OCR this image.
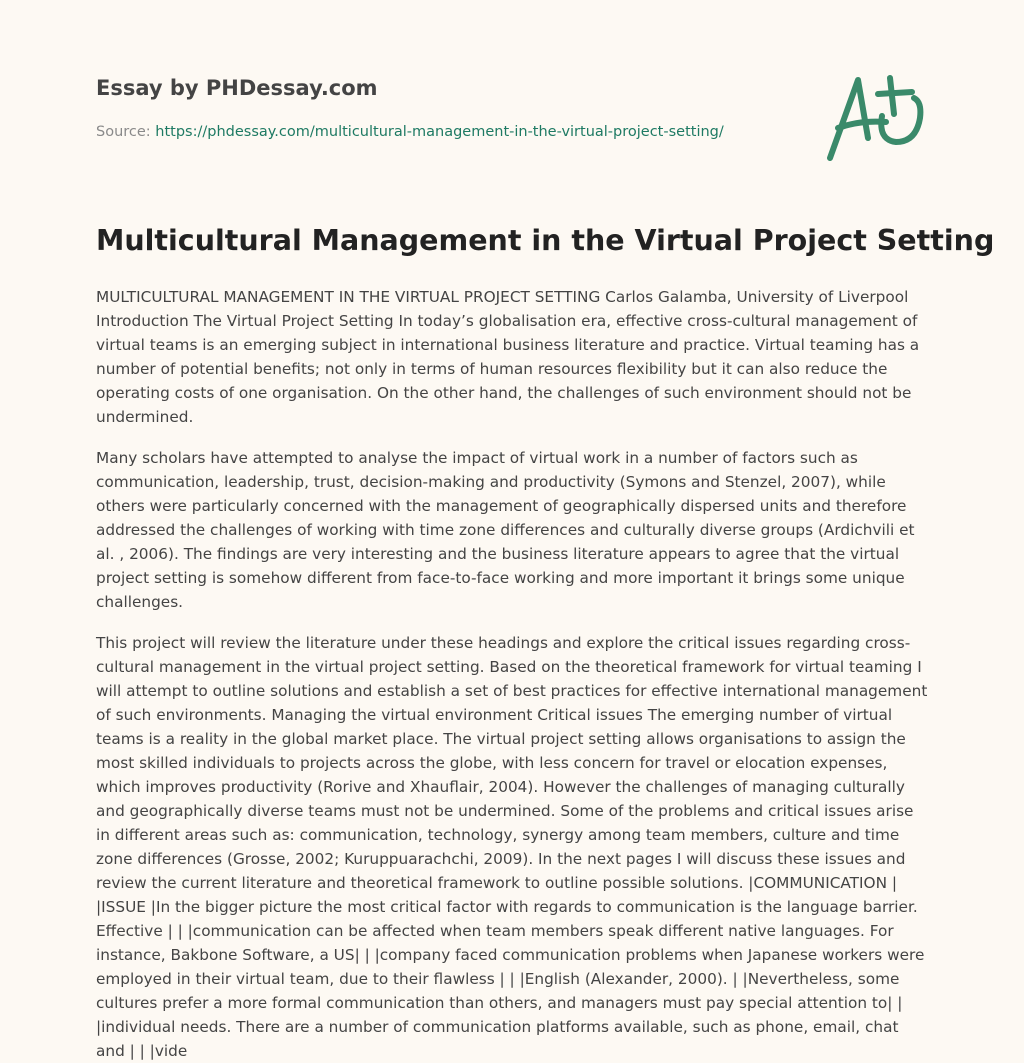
Essay by PHDessay.com
Source: https://phdessay.com/multicultural-management-in-the-virtual-project-setting/
Multicultural Management in the Virtual Project Setting

MULTICULTURAL MANAGEMENT IN THE VIRTUAL PROJECT SETTING Carlos Galamba, University of Liverpool Introduction The Virtual Project Setting In today’s globalisation era, effective cross-cultural management of virtual teams is an emerging subject in international business literature and practice. Virtual teaming has a number of potential benefits; not only in terms of human resources flexibility but it can also reduce the operating costs of one organisation. On the other hand, the challenges of such environment should not be undermined.

Many scholars have attempted to analyse the impact of virtual work in a number of factors such as communication, leadership, trust, decision-making and productivity (Symons and Stenzel, 2007), while others were particularly concerned with the management of geographically dispersed units and therefore addressed the challenges of working with time zone differences and culturally diverse groups (Ardichvili et al. , 2006). The findings are very interesting and the business literature appears to agree that the virtual project setting is somehow different from face-to-face working and more important it brings some unique challenges.

This project will review the literature under these headings and explore the critical issues regarding cross-cultural management in the virtual project setting. Based on the theoretical framework for virtual teaming I will attempt to outline solutions and establish a set of best practices for effective international management of such environments. Managing the virtual environment Critical issues The emerging number of virtual teams is a reality in the global market place. The virtual project setting allows organisations to assign the most skilled individuals to projects across the globe, with less concern for travel or elocation expenses, which improves productivity (Rorive and Xhauflair, 2004). However the challenges of managing culturally and geographically diverse teams must not be undermined. Some of the problems and critical issues arise in different areas such as: communication, technology, synergy among team members, culture and time zone differences (Grosse, 2002; Kuruppuarachchi, 2009). In the next pages I will discuss these issues and review the current literature and theoretical framework to outline possible solutions. |COMMUNICATION | |ISSUE |In the bigger picture the most critical factor with regards to communication is the language barrier. Effective | | |communication can be affected when team members speak different native languages. For instance, Bakbone Software, a US| | |company faced communication problems when Japanese workers were employed in their virtual team, due to their flawless | | |English (Alexander, 2000). | |Nevertheless, some cultures prefer a more formal communication than others, and managers must pay special attention to| | |individual needs. There are a number of communication platforms available, such as phone, email, chat and | | |vide
